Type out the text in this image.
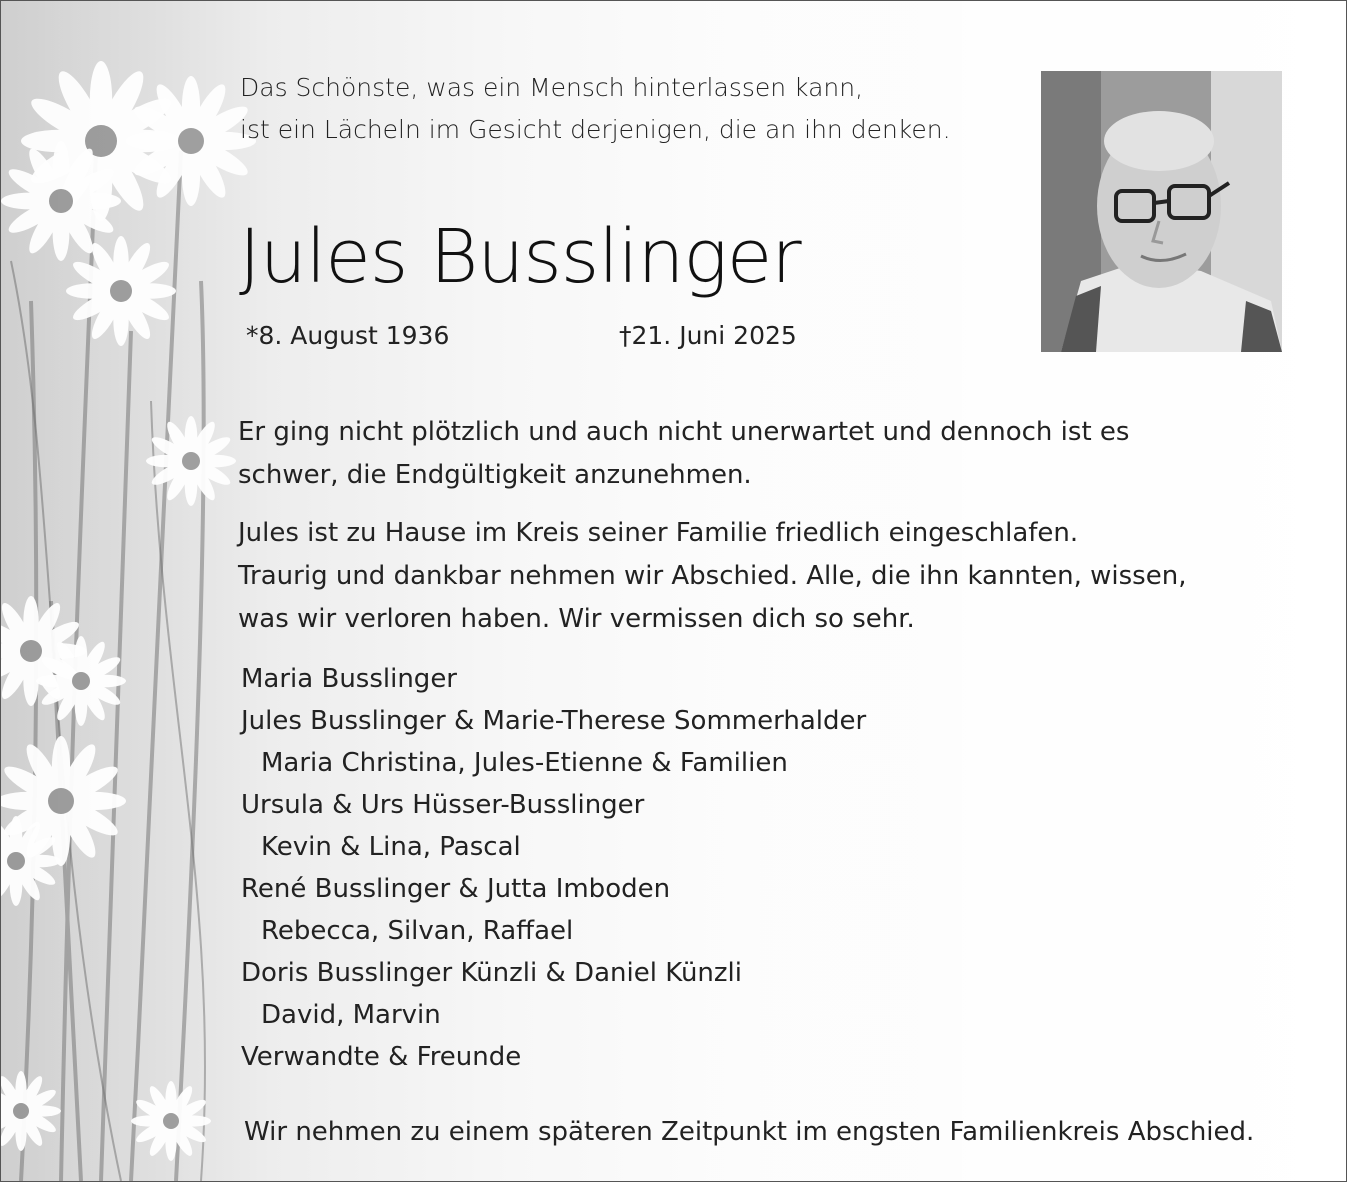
Das Schönste, was ein Mensch hinterlassen kann,
ist ein Lächeln im Gesicht derjenigen, die an ihn denken.

Jules Busslinger

*8. August 1936	†21. Juni 2025

Er ging nicht plötzlich und auch nicht unerwartet und dennoch ist es
schwer, die Endgültigkeit anzunehmen.

Jules ist zu Hause im Kreis seiner Familie friedlich eingeschlafen.
Traurig und dankbar nehmen wir Abschied. Alle, die ihn kannten, wissen,
was wir verloren haben. Wir vermissen dich so sehr.

Maria Busslinger
Jules Busslinger & Marie-Therese Sommerhalder
Maria Christina, Jules-Etienne & Familien
Ursula & Urs Hüsser-Busslinger
Kevin & Lina, Pascal
René Busslinger & Jutta Imboden
Rebecca, Silvan, Raffael
Doris Busslinger Künzli & Daniel Künzli
David, Marvin
Verwandte & Freunde

Wir nehmen zu einem späteren Zeitpunkt im engsten Familienkreis Abschied.
